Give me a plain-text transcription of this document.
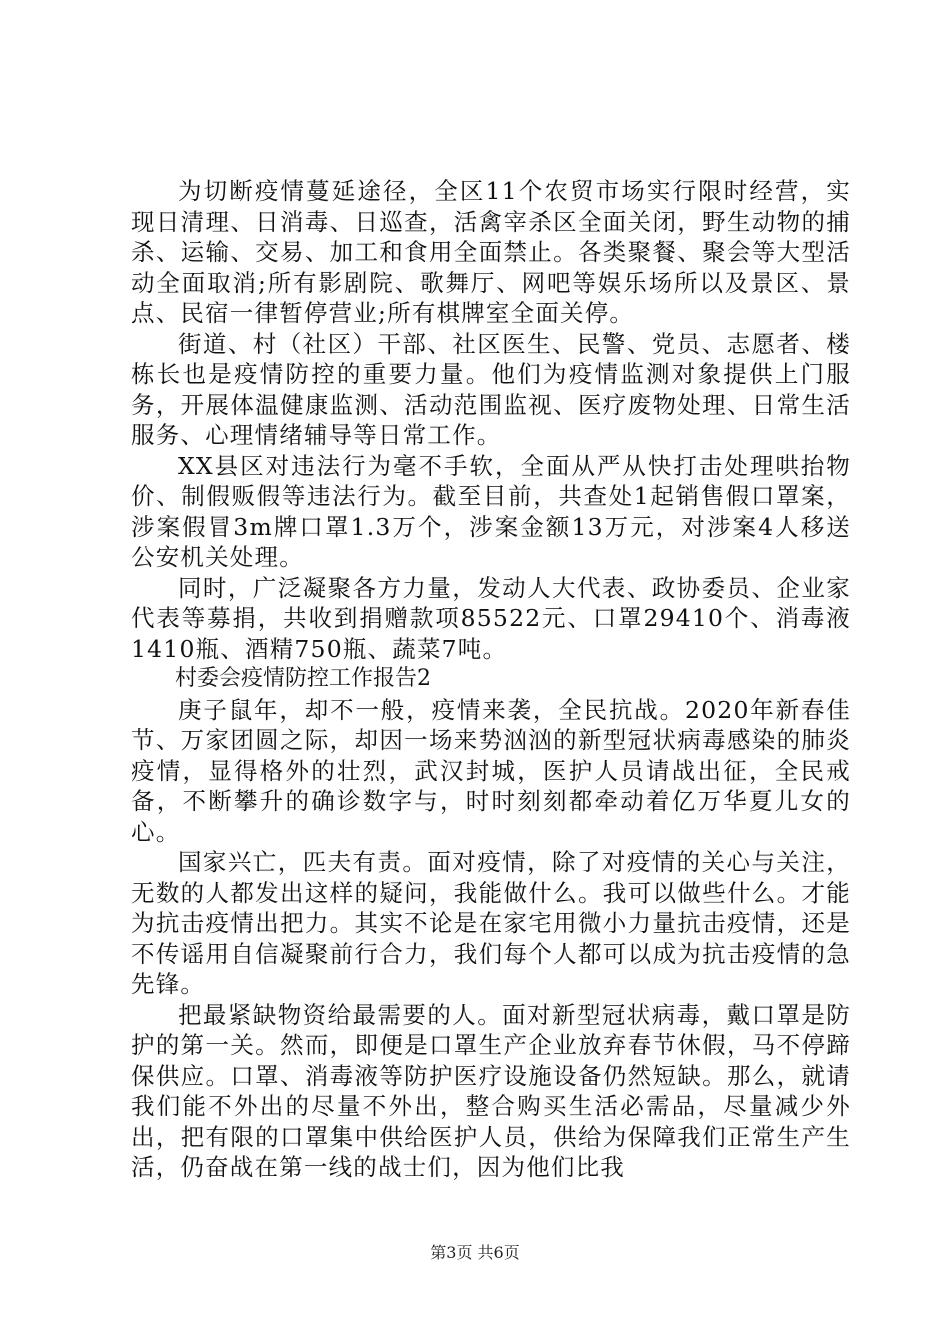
为切断疫情蔓延途径，全区11个农贸市场实行限时经营，实现日清理、日消毒、日巡查，活禽宰杀区全面关闭，野生动物的捕杀、运输、交易、加工和食用全面禁止。各类聚餐、聚会等大型活动全面取消;所有影剧院、歌舞厅、网吧等娱乐场所以及景区、景点、民宿一律暂停营业;所有棋牌室全面关停。

街道、村（社区）干部、社区医生、民警、党员、志愿者、楼栋长也是疫情防控的重要力量。他们为疫情监测对象提供上门服务，开展体温健康监测、活动范围监视、医疗废物处理、日常生活服务、心理情绪辅导等日常工作。

XX县区对违法行为毫不手软，全面从严从快打击处理哄抬物价、制假贩假等违法行为。截至目前，共查处1起销售假口罩案，涉案假冒3m牌口罩1.3万个，涉案金额13万元，对涉案4人移送公安机关处理。

同时，广泛凝聚各方力量，发动人大代表、政协委员、企业家代表等募捐，共收到捐赠款项85522元、口罩29410个、消毒液1410瓶、酒精750瓶、蔬菜7吨。

村委会疫情防控工作报告2

庚子鼠年，却不一般，疫情来袭，全民抗战。2020年新春佳节、万家团圆之际，却因一场来势汹汹的新型冠状病毒感染的肺炎疫情，显得格外的壮烈，武汉封城，医护人员请战出征，全民戒备，不断攀升的确诊数字与，时时刻刻都牵动着亿万华夏儿女的心。

国家兴亡，匹夫有责。面对疫情，除了对疫情的关心与关注，无数的人都发出这样的疑问，我能做什么。我可以做些什么。才能为抗击疫情出把力。其实不论是在家宅用微小力量抗击疫情，还是不传谣用自信凝聚前行合力，我们每个人都可以成为抗击疫情的急先锋。

把最紧缺物资给最需要的人。面对新型冠状病毒，戴口罩是防护的第一关。然而，即便是口罩生产企业放弃春节休假，马不停蹄保供应。口罩、消毒液等防护医疗设施设备仍然短缺。那么，就请我们能不外出的尽量不外出，整合购买生活必需品，尽量减少外出，把有限的口罩集中供给医护人员，供给为保障我们正常生产生活，仍奋战在第一线的战士们，因为他们比我

第3页 共6页
